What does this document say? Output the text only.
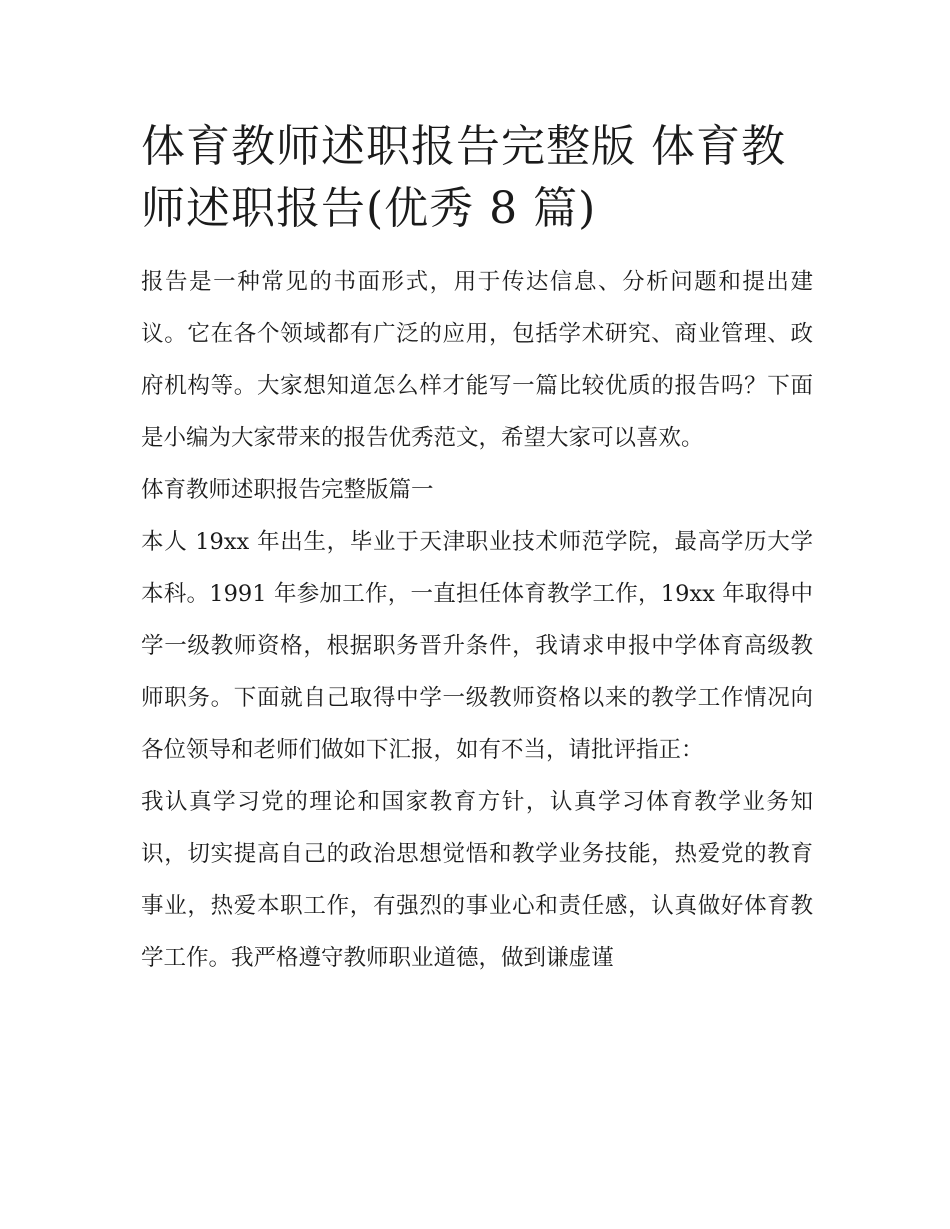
体育教师述职报告完整版 体育教师述职报告(优秀 8 篇)

报告是一种常见的书面形式，用于传达信息、分析问题和提出建议。它在各个领域都有广泛的应用，包括学术研究、商业管理、政府机构等。大家想知道怎么样才能写一篇比较优质的报告吗？下面是小编为大家带来的报告优秀范文，希望大家可以喜欢。

体育教师述职报告完整版篇一

本人 19xx 年出生，毕业于天津职业技术师范学院，最高学历大学本科。1991 年参加工作，一直担任体育教学工作，19xx 年取得中学一级教师资格，根据职务晋升条件，我请求申报中学体育高级教师职务。下面就自己取得中学一级教师资格以来的教学工作情况向各位领导和老师们做如下汇报，如有不当，请批评指正：

我认真学习党的理论和国家教育方针，认真学习体育教学业务知识，切实提高自己的政治思想觉悟和教学业务技能，热爱党的教育事业，热爱本职工作，有强烈的事业心和责任感，认真做好体育教学工作。我严格遵守教师职业道德，做到谦虚谨
